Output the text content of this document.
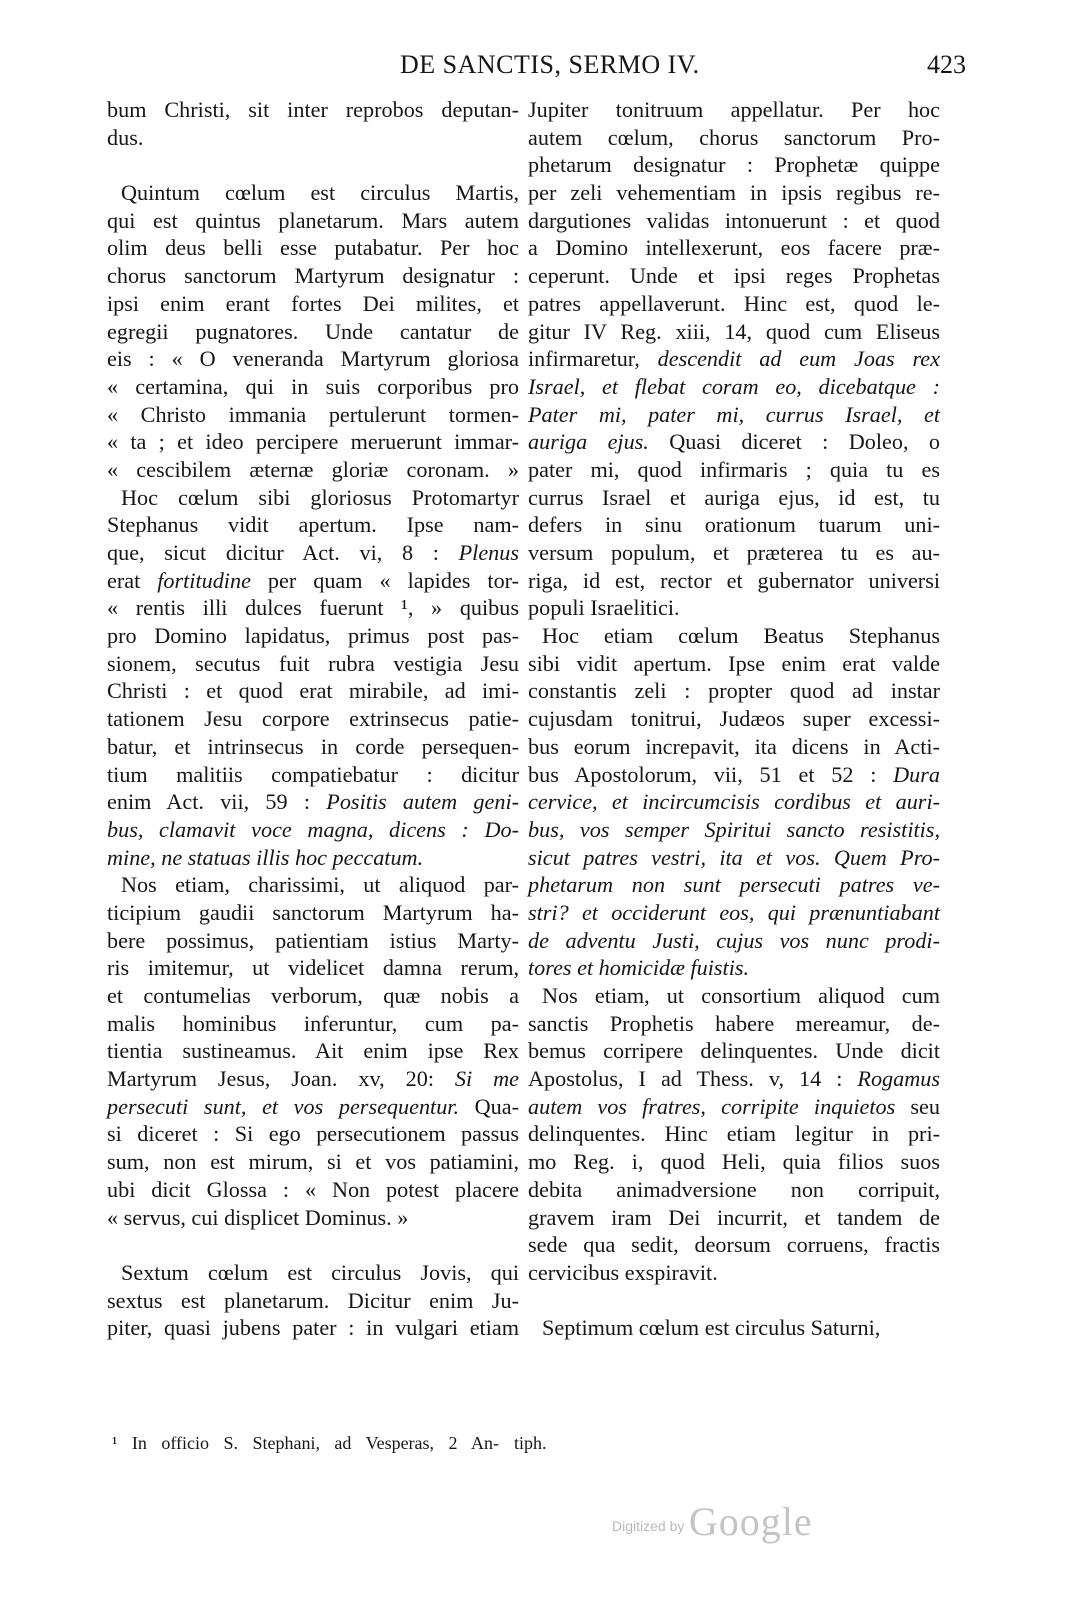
DE SANCTIS, SERMO IV.	423
bum Christi, sit inter reprobos deputan-
dus.
Quintum cœlum est circulus Martis,
qui est quintus planetarum. Mars autem
olim deus belli esse putabatur. Per hoc
chorus sanctorum Martyrum designatur :
ipsi enim erant fortes Dei milites, et
egregii pugnatores. Unde cantatur de
eis : « O veneranda Martyrum gloriosa
« certamina, qui in suis corporibus pro
« Christo immania pertulerunt tormen-
« ta ; et ideo percipere meruerunt immar-
« cescibilem æternæ gloriæ coronam. »
Hoc cœlum sibi gloriosus Protomartyr
Stephanus vidit apertum. Ipse nam-
que, sicut dicitur Act. vi, 8 : Plenus
erat fortitudine per quam « lapides tor-
« rentis illi dulces fuerunt ¹, » quibus
pro Domino lapidatus, primus post pas-
sionem, secutus fuit rubra vestigia Jesu
Christi : et quod erat mirabile, ad imi-
tationem Jesu corpore extrinsecus patie-
batur, et intrinsecus in corde persequen-
tium malitiis compatiebatur : dicitur
enim Act. vii, 59 : Positis autem geni-
bus, clamavit voce magna, dicens : Do-
mine, ne statuas illis hoc peccatum.
Nos etiam, charissimi, ut aliquod par-
ticipium gaudii sanctorum Martyrum ha-
bere possimus, patientiam istius Marty-
ris imitemur, ut videlicet damna rerum,
et contumelias verborum, quæ nobis a
malis hominibus inferuntur, cum pa-
tientia sustineamus. Ait enim ipse Rex
Martyrum Jesus, Joan. xv, 20: Si me
persecuti sunt, et vos persequentur. Qua-
si diceret : Si ego persecutionem passus
sum, non est mirum, si et vos patiamini,
ubi dicit Glossa : « Non potest placere
« servus, cui displicet Dominus. »
Sextum cœlum est circulus Jovis, qui
sextus est planetarum. Dicitur enim Ju-
piter, quasi jubens pater : in vulgari etiam
Jupiter tonitruum appellatur. Per hoc
autem cœlum, chorus sanctorum Pro-
phetarum designatur : Prophetæ quippe
per zeli vehementiam in ipsis regibus re-
dargutiones validas intonuerunt : et quod
a Domino intellexerunt, eos facere præ-
ceperunt. Unde et ipsi reges Prophetas
patres appellaverunt. Hinc est, quod le-
gitur IV Reg. xiii, 14, quod cum Eliseus
infirmaretur, descendit ad eum Joas rex
Israel, et flebat coram eo, dicebatque :
Pater mi, pater mi, currus Israel, et
auriga ejus. Quasi diceret : Doleo, o
pater mi, quod infirmaris ; quia tu es
currus Israel et auriga ejus, id est, tu
defers in sinu orationum tuarum uni-
versum populum, et præterea tu es au-
riga, id est, rector et gubernator universi
populi Israelitici.
Hoc etiam cœlum Beatus Stephanus
sibi vidit apertum. Ipse enim erat valde
constantis zeli : propter quod ad instar
cujusdam tonitrui, Judæos super excessi-
bus eorum increpavit, ita dicens in Acti-
bus Apostolorum, vii, 51 et 52 : Dura
cervice, et incircumcisis cordibus et auri-
bus, vos semper Spiritui sancto resistitis,
sicut patres vestri, ita et vos. Quem Pro-
phetarum non sunt persecuti patres ve-
stri? et occiderunt eos, qui prænuntiabant
de adventu Justi, cujus vos nunc prodi-
tores et homicidæ fuistis.
Nos etiam, ut consortium aliquod cum
sanctis Prophetis habere mereamur, de-
bemus corripere delinquentes. Unde dicit
Apostolus, I ad Thess. v, 14 : Rogamus
autem vos fratres, corripite inquietos seu
delinquentes. Hinc etiam legitur in pri-
mo Reg. i, quod Heli, quia filios suos
debita animadversione non corripuit,
gravem iram Dei incurrit, et tandem de
sede qua sedit, deorsum corruens, fractis
cervicibus exspiravit.
Septimum cœlum est circulus Saturni,
¹ In officio S. Stephani, ad Vesperas, 2 An- tiph.
Digitized by Google
